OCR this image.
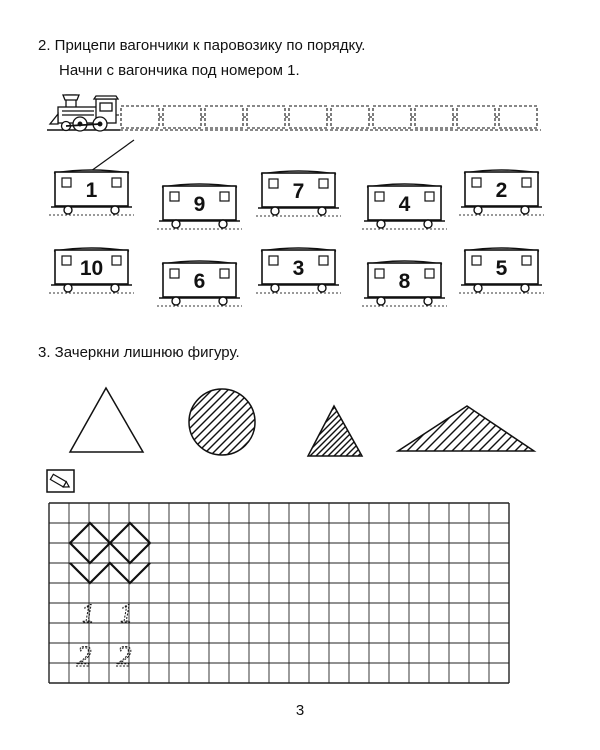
2. Прицепи вагончики к паровозику по порядку.
Начни с вагончика под номером 1.
3. Зачеркни лишнюю фигуру.
3
1
9
7
4
2
10
6
3
8
5
1 1
2 2
